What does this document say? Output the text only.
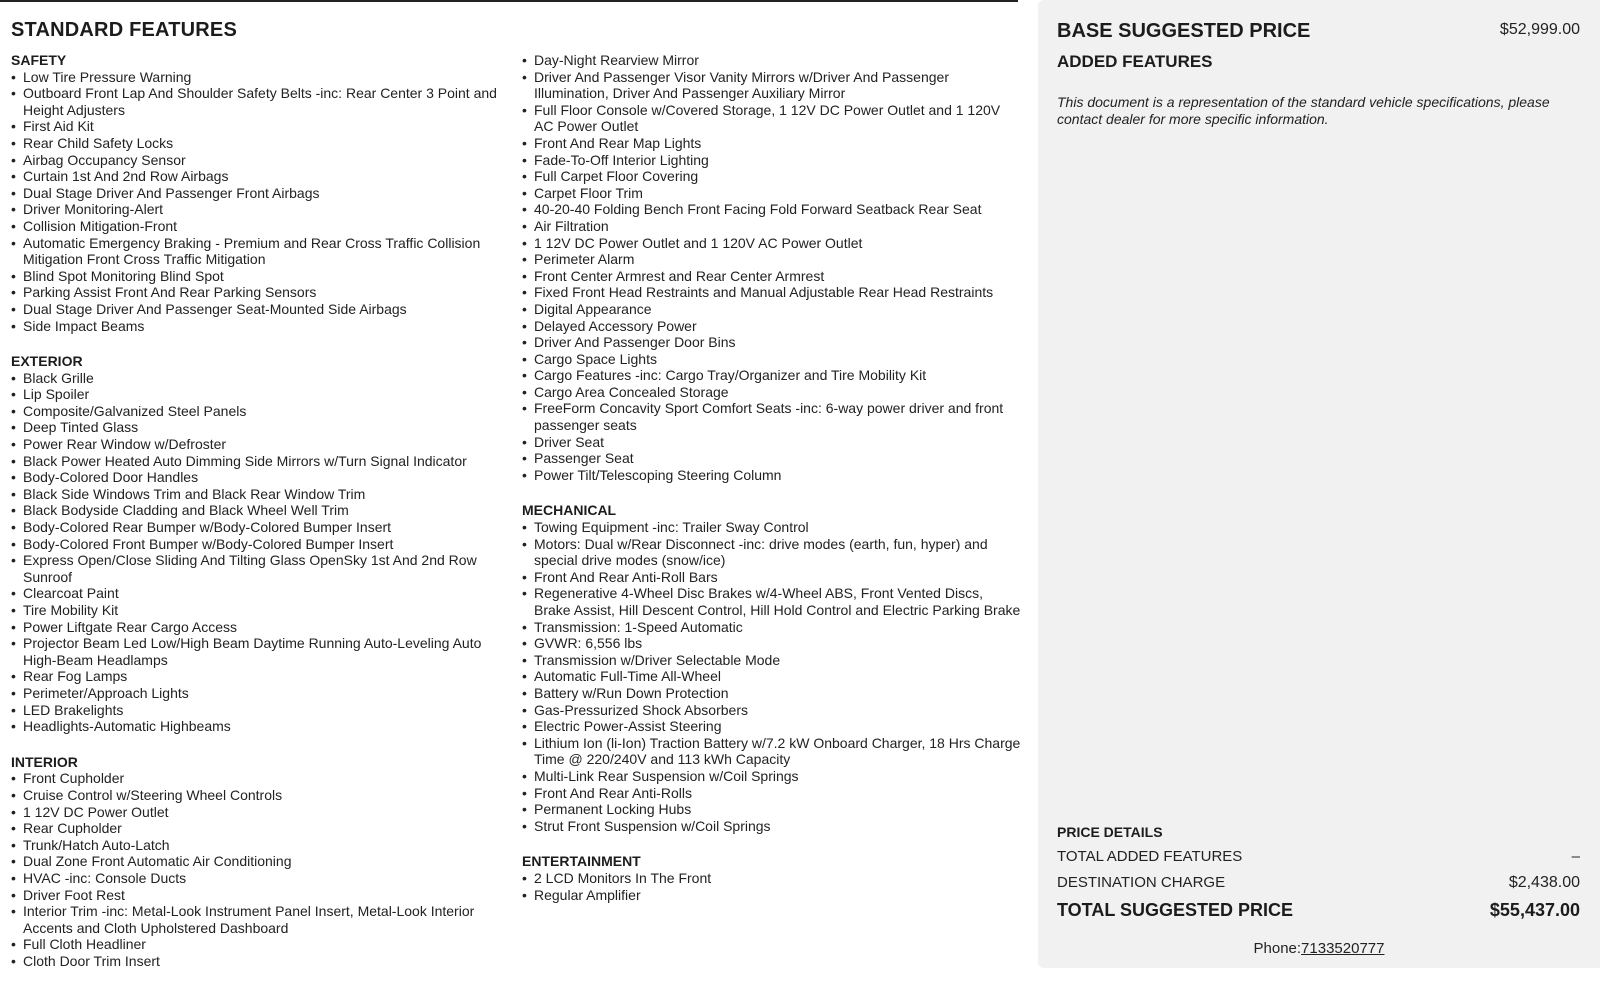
STANDARD FEATURES
SAFETY
• Low Tire Pressure Warning
• Outboard Front Lap And Shoulder Safety Belts -inc: Rear Center 3 Point and Height Adjusters
• First Aid Kit
• Rear Child Safety Locks
• Airbag Occupancy Sensor
• Curtain 1st And 2nd Row Airbags
• Dual Stage Driver And Passenger Front Airbags
• Driver Monitoring-Alert
• Collision Mitigation-Front
• Automatic Emergency Braking - Premium and Rear Cross Traffic Collision Mitigation Front Cross Traffic Mitigation
• Blind Spot Monitoring Blind Spot
• Parking Assist Front And Rear Parking Sensors
• Dual Stage Driver And Passenger Seat-Mounted Side Airbags
• Side Impact Beams
EXTERIOR
• Black Grille
• Lip Spoiler
• Composite/Galvanized Steel Panels
• Deep Tinted Glass
• Power Rear Window w/Defroster
• Black Power Heated Auto Dimming Side Mirrors w/Turn Signal Indicator
• Body-Colored Door Handles
• Black Side Windows Trim and Black Rear Window Trim
• Black Bodyside Cladding and Black Wheel Well Trim
• Body-Colored Rear Bumper w/Body-Colored Bumper Insert
• Body-Colored Front Bumper w/Body-Colored Bumper Insert
• Express Open/Close Sliding And Tilting Glass OpenSky 1st And 2nd Row Sunroof
• Clearcoat Paint
• Tire Mobility Kit
• Power Liftgate Rear Cargo Access
• Projector Beam Led Low/High Beam Daytime Running Auto-Leveling Auto High-Beam Headlamps
• Rear Fog Lamps
• Perimeter/Approach Lights
• LED Brakelights
• Headlights-Automatic Highbeams
INTERIOR
• Front Cupholder
• Cruise Control w/Steering Wheel Controls
• 1 12V DC Power Outlet
• Rear Cupholder
• Trunk/Hatch Auto-Latch
• Dual Zone Front Automatic Air Conditioning
• HVAC -inc: Console Ducts
• Driver Foot Rest
• Interior Trim -inc: Metal-Look Instrument Panel Insert, Metal-Look Interior Accents and Cloth Upholstered Dashboard
• Full Cloth Headliner
• Cloth Door Trim Insert
• Day-Night Rearview Mirror
• Driver And Passenger Visor Vanity Mirrors w/Driver And Passenger Illumination, Driver And Passenger Auxiliary Mirror
• Full Floor Console w/Covered Storage, 1 12V DC Power Outlet and 1 120V AC Power Outlet
• Front And Rear Map Lights
• Fade-To-Off Interior Lighting
• Full Carpet Floor Covering
• Carpet Floor Trim
• 40-20-40 Folding Bench Front Facing Fold Forward Seatback Rear Seat
• Air Filtration
• 1 12V DC Power Outlet and 1 120V AC Power Outlet
• Perimeter Alarm
• Front Center Armrest and Rear Center Armrest
• Fixed Front Head Restraints and Manual Adjustable Rear Head Restraints
• Digital Appearance
• Delayed Accessory Power
• Driver And Passenger Door Bins
• Cargo Space Lights
• Cargo Features -inc: Cargo Tray/Organizer and Tire Mobility Kit
• Cargo Area Concealed Storage
• FreeForm Concavity Sport Comfort Seats -inc: 6-way power driver and front passenger seats
• Driver Seat
• Passenger Seat
• Power Tilt/Telescoping Steering Column
MECHANICAL
• Towing Equipment -inc: Trailer Sway Control
• Motors: Dual w/Rear Disconnect -inc: drive modes (earth, fun, hyper) and special drive modes (snow/ice)
• Front And Rear Anti-Roll Bars
• Regenerative 4-Wheel Disc Brakes w/4-Wheel ABS, Front Vented Discs, Brake Assist, Hill Descent Control, Hill Hold Control and Electric Parking Brake
• Transmission: 1-Speed Automatic
• GVWR: 6,556 lbs
• Transmission w/Driver Selectable Mode
• Automatic Full-Time All-Wheel
• Battery w/Run Down Protection
• Gas-Pressurized Shock Absorbers
• Electric Power-Assist Steering
• Lithium Ion (li-Ion) Traction Battery w/7.2 kW Onboard Charger, 18 Hrs Charge Time @ 220/240V and 113 kWh Capacity
• Multi-Link Rear Suspension w/Coil Springs
• Front And Rear Anti-Rolls
• Permanent Locking Hubs
• Strut Front Suspension w/Coil Springs
ENTERTAINMENT
• 2 LCD Monitors In The Front
• Regular Amplifier
BASE SUGGESTED PRICE	$52,999.00
ADDED FEATURES
This document is a representation of the standard vehicle specifications, please contact dealer for more specific information.
PRICE DETAILS
TOTAL ADDED FEATURES	–
DESTINATION CHARGE	$2,438.00
TOTAL SUGGESTED PRICE	$55,437.00
Phone:7133520777
